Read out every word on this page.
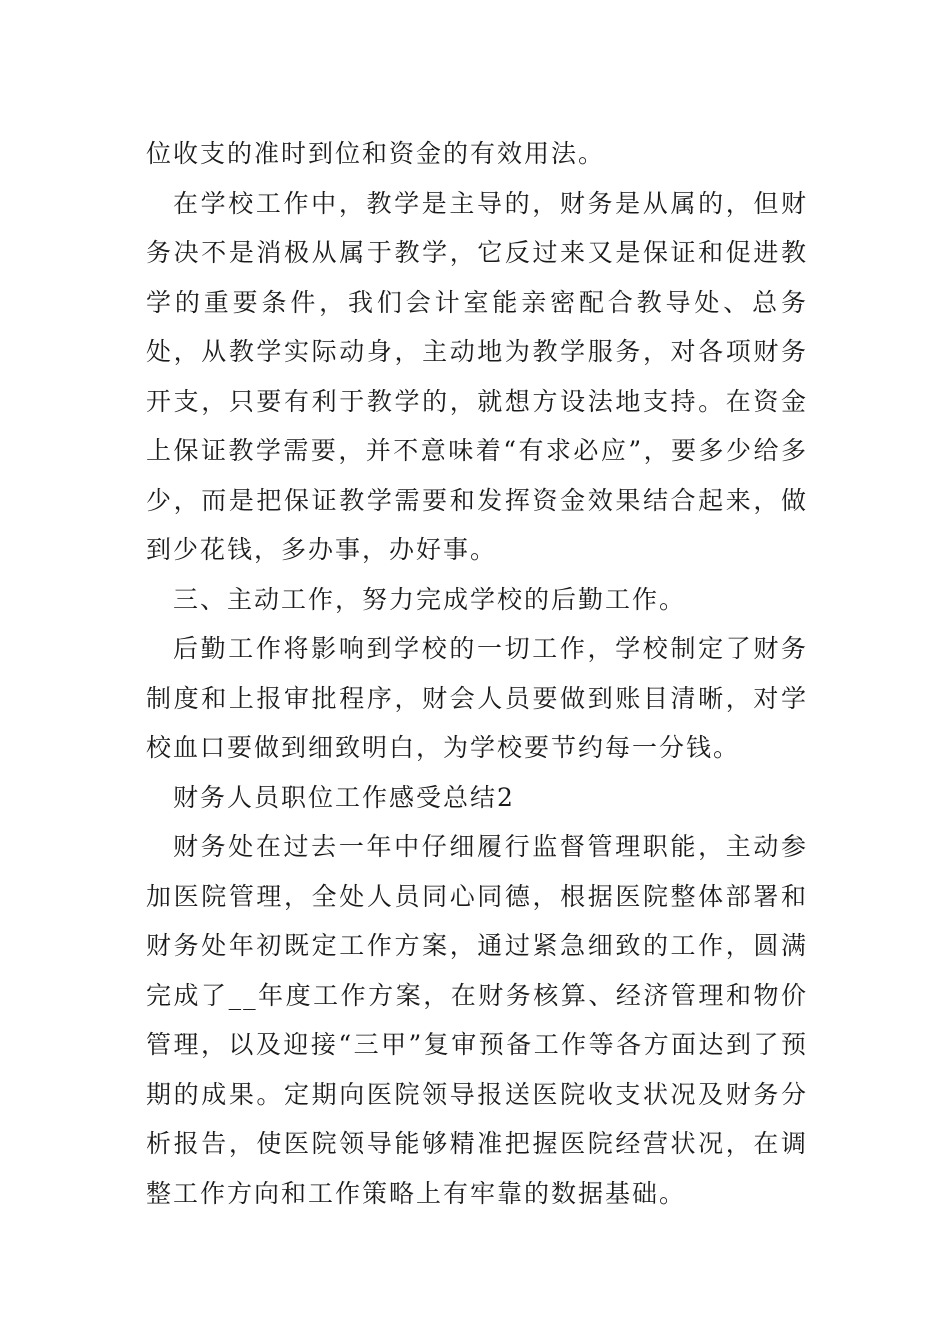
位收支的准时到位和资金的有效用法。

在学校工作中，教学是主导的，财务是从属的，但财务决不是消极从属于教学，它反过来又是保证和促进教学的重要条件，我们会计室能亲密配合教导处、总务处，从教学实际动身，主动地为教学服务，对各项财务开支，只要有利于教学的，就想方设法地支持。在资金上保证教学需要，并不意味着“有求必应”，要多少给多少，而是把保证教学需要和发挥资金效果结合起来，做到少花钱，多办事，办好事。

三、主动工作，努力完成学校的后勤工作。

后勤工作将影响到学校的一切工作，学校制定了财务制度和上报审批程序，财会人员要做到账目清晰，对学校血口要做到细致明白，为学校要节约每一分钱。

财务人员职位工作感受总结2

财务处在过去一年中仔细履行监督管理职能，主动参加医院管理，全处人员同心同德，根据医院整体部署和财务处年初既定工作方案，通过紧急细致的工作，圆满完成了__年度工作方案，在财务核算、经济管理和物价管理，以及迎接“三甲”复审预备工作等各方面达到了预期的成果。定期向医院领导报送医院收支状况及财务分析报告，使医院领导能够精准把握医院经营状况，在调整工作方向和工作策略上有牢靠的数据基础。
